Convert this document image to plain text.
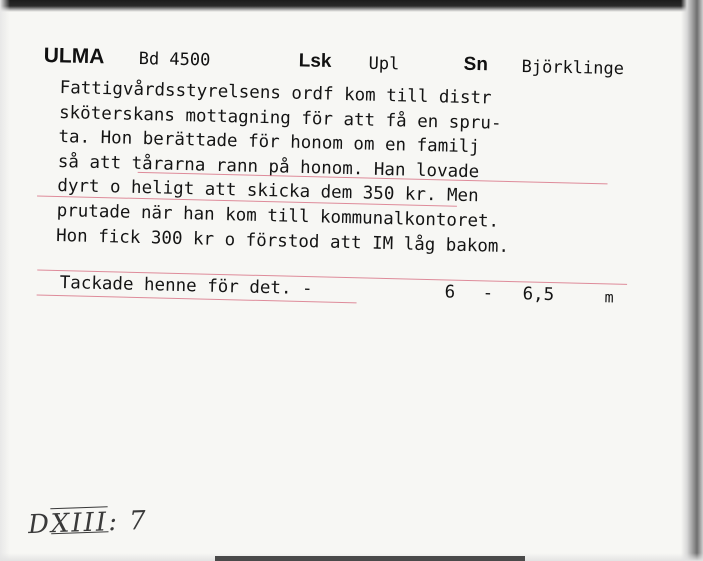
ULMA Bd 4500	Lsk Upl	Sn Björklinge
Fattigvårdsstyrelsens ordf kom till distr
sköterskans mottagning för att få en spru-
ta. Hon berättade för honom om en familj
så att tårarna rann på honom. Han lovade
dyrt o heligt att skicka dem 350 kr. Men
prutade när han kom till kommunalkontoret.
Hon fick 300 kr o förstod att IM låg bakom.
Tackade henne för det. -	6 - 6,5	m
DXIII: 7
